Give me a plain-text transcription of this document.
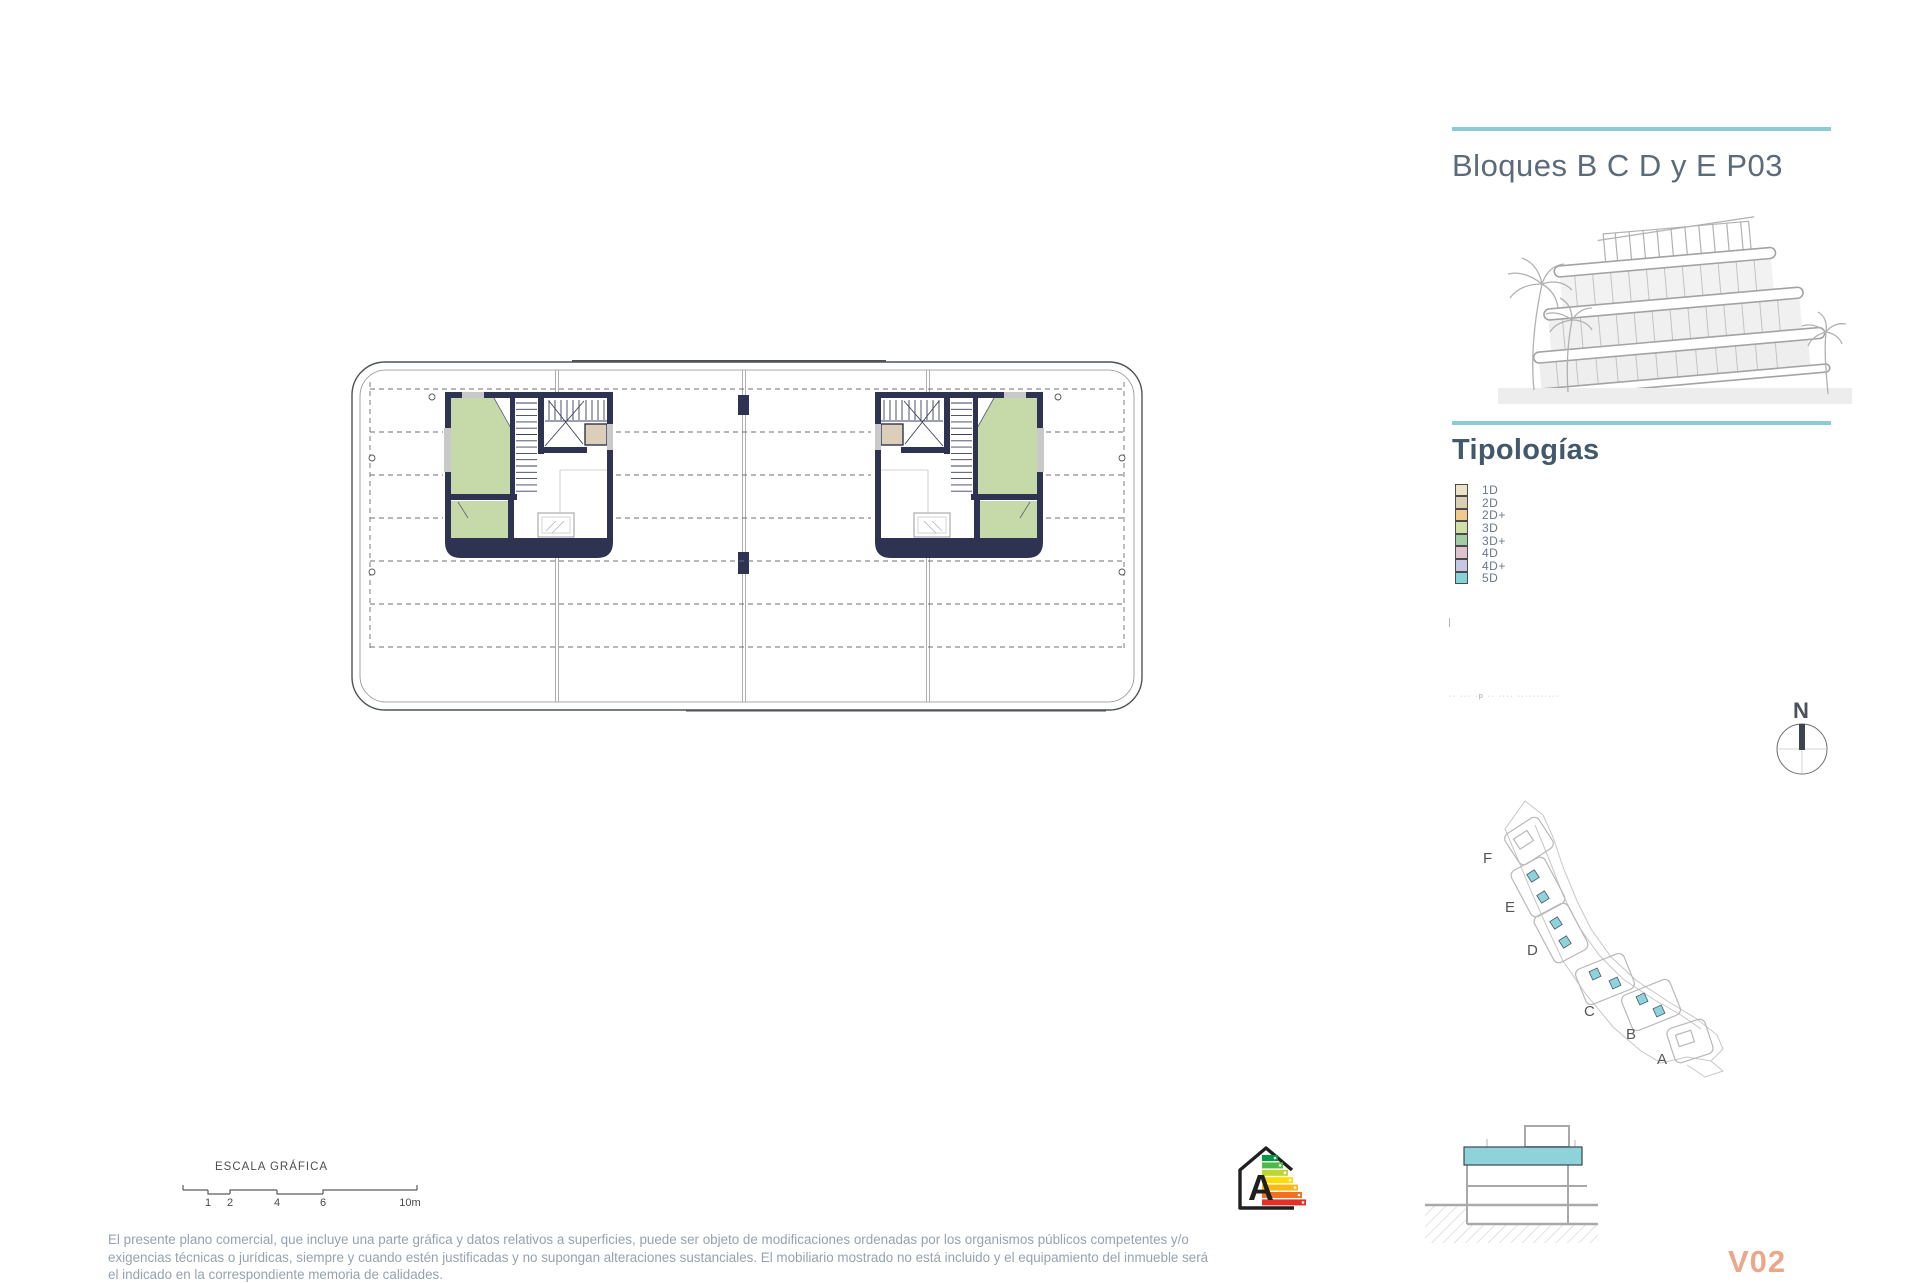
Bloques B C D y E P03
Tipologías
1D
2D
2D+
3D
3D+
4D
4D+
5D
·· ··· ·p ·· ···· ···········
N
F
E
D
C
B
A
V02
A
ESCALA GRÁFICA
1 2	4	6	10m
El presente plano comercial, que incluye una parte gráfica y datos relativos a superficies, puede ser objeto de modificaciones ordenadas por los organismos públicos competentes y/o
exigencias técnicas o jurídicas, siempre y cuando estén justificadas y no supongan alteraciones sustanciales. El mobiliario mostrado no está incluido y el equipamiento del inmueble será
el indicado en la correspondiente memoria de calidades.
